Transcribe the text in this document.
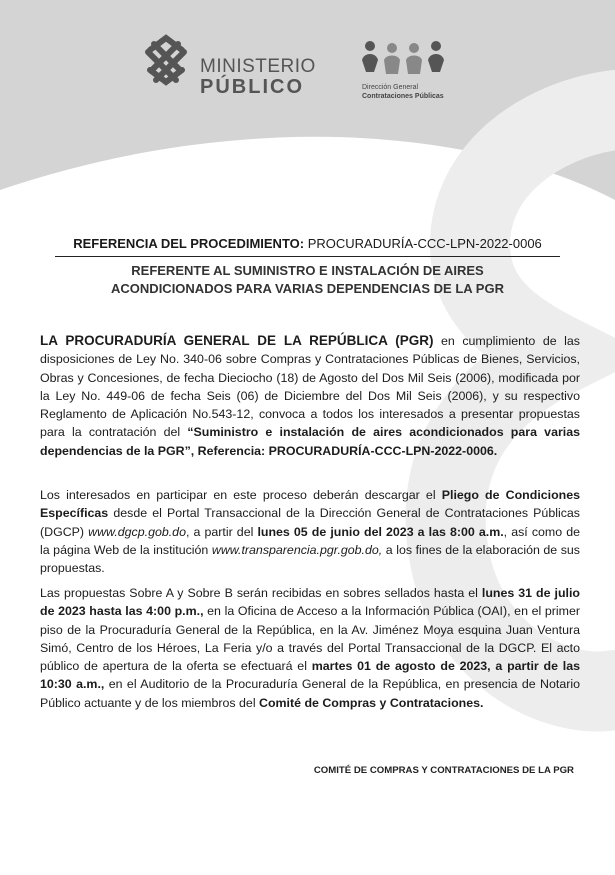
MINISTERIO
PÚBLICO	Dirección General
Contrataciones Públicas
REFERENCIA DEL PROCEDIMIENTO: PROCURADURÍA-CCC-LPN-2022-0006
REFERENTE AL SUMINISTRO E INSTALACIÓN DE AIRES
ACONDICIONADOS PARA VARIAS DEPENDENCIAS DE LA PGR
LA PROCURADURÍA GENERAL DE LA REPÚBLICA (PGR) en cumplimiento de las disposiciones de Ley No. 340-06 sobre Compras y Contrataciones Públicas de Bienes, Servicios, Obras y Concesiones, de fecha Dieciocho (18) de Agosto del Dos Mil Seis (2006), modificada por la Ley No. 449-06 de fecha Seis (06) de Diciembre del Dos Mil Seis (2006), y su respectivo Reglamento de Aplicación No.543-12, convoca a todos los interesados a presentar propuestas para la contratación del “Suministro e instalación de aires acondicionados para varias dependencias de la PGR”, Referencia: PROCURADURÍA-CCC-LPN-2022-0006.
Los interesados en participar en este proceso deberán descargar el Pliego de Condiciones Específicas desde el Portal Transaccional de la Dirección General de Contrataciones Públicas (DGCP) www.dgcp.gob.do, a partir del lunes 05 de junio del 2023 a las 8:00 a.m., así como de la página Web de la institución www.transparencia.pgr.gob.do, a los fines de la elaboración de sus propuestas.
Las propuestas Sobre A y Sobre B serán recibidas en sobres sellados hasta el lunes 31 de julio de 2023 hasta las 4:00 p.m., en la Oficina de Acceso a la Información Pública (OAI), en el primer piso de la Procuraduría General de la República, en la Av. Jiménez Moya esquina Juan Ventura Simó, Centro de los Héroes, La Feria y/o a través del Portal Transaccional de la DGCP. El acto público de apertura de la oferta se efectuará el martes 01 de agosto de 2023, a partir de las 10:30 a.m., en el Auditorio de la Procuraduría General de la República, en presencia de Notario Público actuante y de los miembros del Comité de Compras y Contrataciones.
COMITÉ DE COMPRAS Y CONTRATACIONES DE LA PGR
